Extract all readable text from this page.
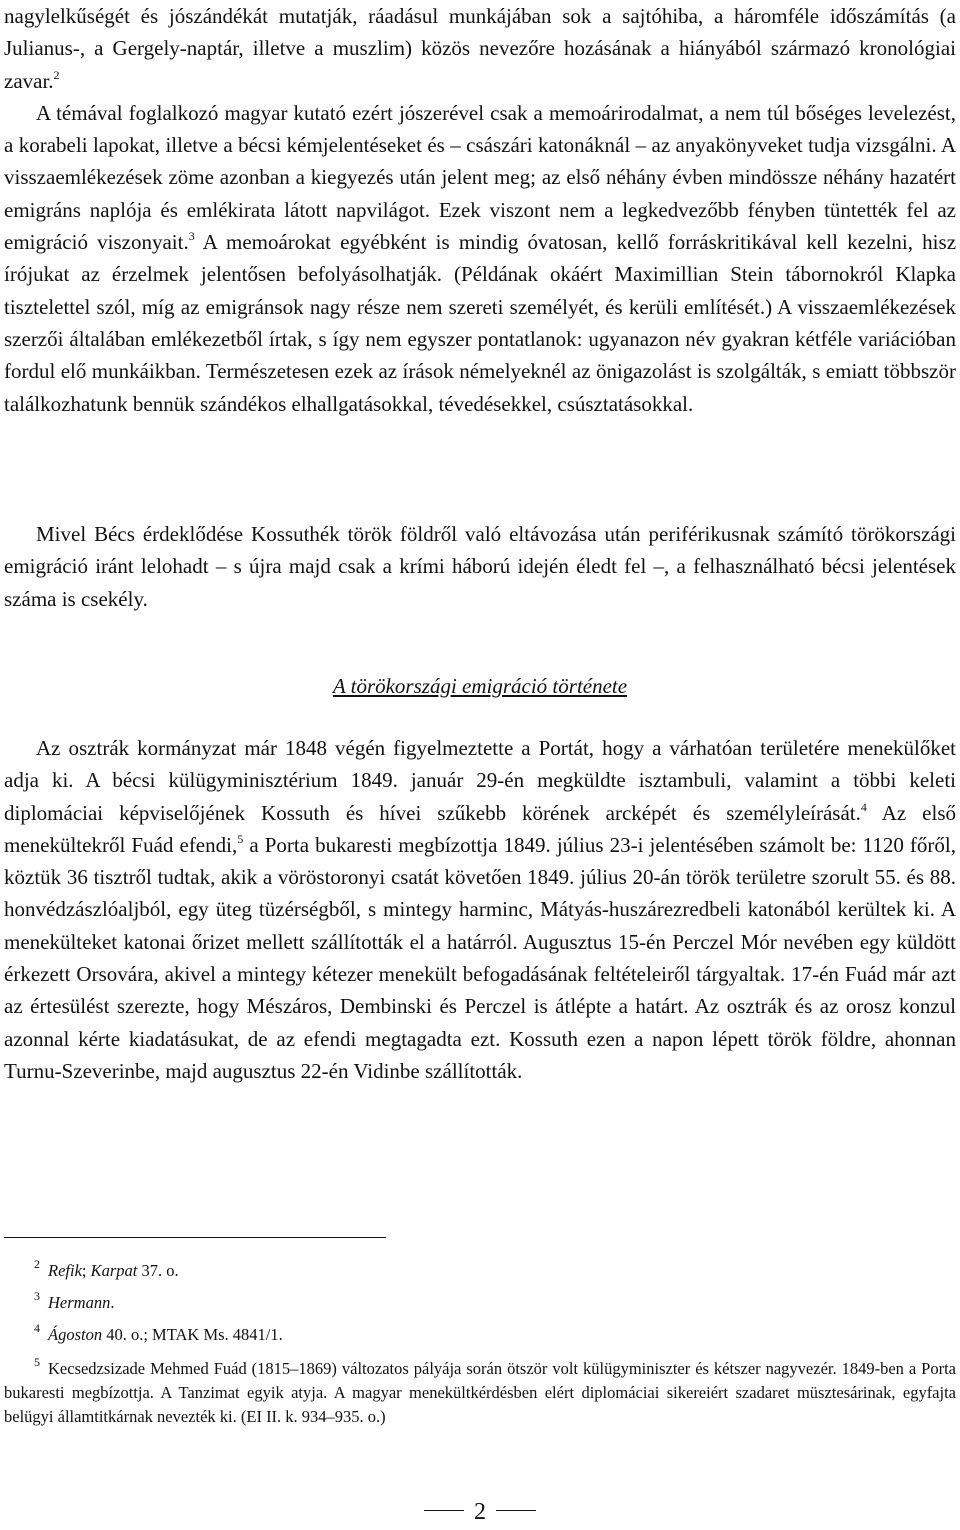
nagylelkűségét és jószándékát mutatják, ráadásul munkájában sok a sajtóhiba, a háromféle időszámítás (a Julianus-, a Gergely-naptár, illetve a muszlim) közös nevezőre hozásának a hiányából származó kronológiai zavar.$^2$

A témával foglalkozó magyar kutató ezért jószerével csak a memoárirodalmat, a nem túl bőséges levelezést, a korabeli lapokat, illetve a bécsi kémjelentéseket és – császári katonáknál – az anyakönyveket tudja vizsgálni. A visszaemlékezések zöme azonban a kiegyezés után jelent meg; az első néhány évben mindössze néhány hazatért emigráns naplója és emlékirata látott napvilágot. Ezek viszont nem a legkedvezőbb fényben tüntették fel az emigráció viszonyait.$^3$ A memoárokat egyébként is mindig óvatosan, kellő forráskritikával kell kezelni, hisz írójukat az érzelmek jelentősen befolyásolhatják. (Példának okáért Maximillian Stein tábornokról Klapka tisztelettel szól, míg az emigránsok nagy része nem szereti személyét, és kerüli említését.) A visszaemlékezések szerzői általában emlékezetből írtak, s így nem egyszer pontatlanok: ugyanazon név gyakran kétféle variációban fordul elő munkáikban. Természetesen ezek az írások némelyeknél az önigazolást is szolgálták, s emiatt többször találkozhatunk bennük szándékos elhallgatásokkal, tévedésekkel, csúsztatásokkal.

Mivel Bécs érdeklődése Kossuthék török földről való eltávozása után periférikusnak számító törökországi emigráció iránt lelohadt – s újra majd csak a krími háború idején éledt fel –, a felhasználható bécsi jelentések száma is csekély.

A törökországi emigráció története

Az osztrák kormányzat már 1848 végén figyelmeztette a Portát, hogy a várhatóan területére menekülőket adja ki. A bécsi külügyminisztérium 1849. január 29-én megküldte isztambuli, valamint a többi keleti diplomáciai képviselőjének Kossuth és hívei szűkebb körének arcképét és személyleírását.$^4$ Az első menekültekről Fuád efendi,$^5$ a Porta bukaresti megbízottja 1849. július 23-i jelentésében számolt be: 1120 főről, köztük 36 tisztről tudtak, akik a vöröstoronyi csatát követően 1849. július 20-án török területre szorult 55. és 88. honvédzászlóaljból, egy üteg tüzérségből, s mintegy harminc, Mátyás-huszárezredbeli katonából kerültek ki. A menekülteket katonai őrizet mellett szállították el a határról. Augusztus 15-én Perczel Mór nevében egy küldött érkezett Orsovára, akivel a mintegy kétezer menekült befogadásának feltételeiről tárgyaltak. 17-én Fuád már azt az értesülést szerezte, hogy Mészáros, Dembinski és Perczel is átlépte a határt. Az osztrák és az orosz konzul azonnal kérte kiadatásukat, de az efendi megtagadta ezt. Kossuth ezen a napon lépett török földre, ahonnan Turnu-Szeverinbe, majd augusztus 22-én Vidinbe szállították.

$^2$ Refik; Karpat 37. o.

$^3$ Hermann.

$^4$ Ágoston 40. o.; MTAK Ms. 4841/1.

$^5$ Kecsedzsizade Mehmed Fuád (1815–1869) változatos pályája során ötször volt külügyminiszter és kétszer nagyvezér. 1849-ben a Porta bukaresti megbízottja. A Tanzimat egyik atyja. A magyar menekültkérdésben elért diplomáciai sikereiért szadaret müsztesárinak, egyfajta belügyi államtitkárnak nevezték ki. (EI II. k. 934–935. o.)

2
